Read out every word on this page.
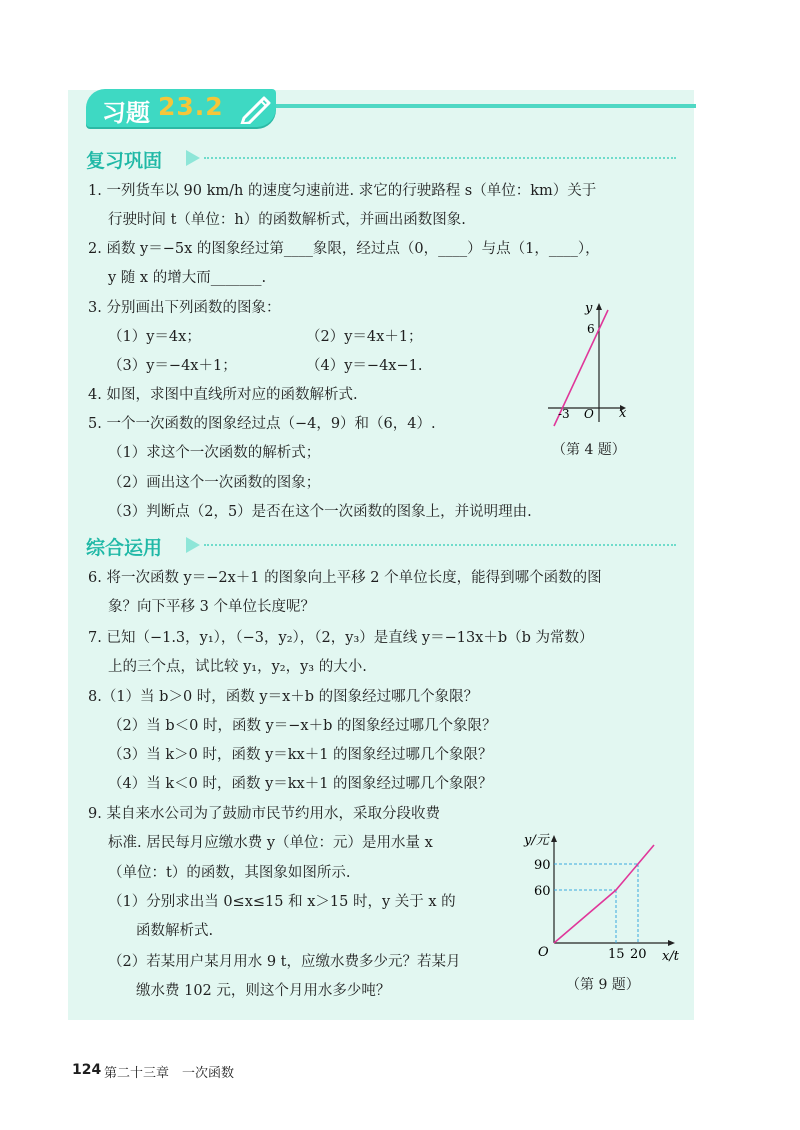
习题 23.2
复习巩固
1. 一列货车以 90 km/h 的速度匀速前进. 求它的行驶路程 s（单位：km）关于
行驶时间 t（单位：h）的函数解析式，并画出函数图象.
2. 函数 y＝−5x 的图象经过第____象限，经过点（0，____）与点（1，____），
y 随 x 的增大而_______.
3. 分别画出下列函数的图象：
（1）y＝4x；	（2）y＝4x＋1；
（3）y＝−4x＋1；	（4）y＝−4x−1.
4. 如图，求图中直线所对应的函数解析式.
5. 一个一次函数的图象经过点（−4，9）和（6，4）.
（1）求这个一次函数的解析式；
（2）画出这个一次函数的图象；
（3）判断点（2，5）是否在这个一次函数的图象上，并说明理由.
y
x
O
6
-3
（第 4 题）
综合运用
6. 将一次函数 y＝−2x＋1 的图象向上平移 2 个单位长度，能得到哪个函数的图
象？向下平移 3 个单位长度呢？
7. 已知（−1.3，y₁），（−3，y₂），（2，y₃）是直线 y＝−13x＋b（b 为常数）
上的三个点，试比较 y₁，y₂，y₃ 的大小.
8.（1）当 b＞0 时，函数 y＝x＋b 的图象经过哪几个象限？
（2）当 b＜0 时，函数 y＝−x＋b 的图象经过哪几个象限？
（3）当 k＞0 时，函数 y＝kx＋1 的图象经过哪几个象限？
（4）当 k＜0 时，函数 y＝kx＋1 的图象经过哪几个象限？
9. 某自来水公司为了鼓励市民节约用水，采取分段收费
标准. 居民每月应缴水费 y（单位：元）是用水量 x
（单位：t）的函数，其图象如图所示.
（1）分别求出当 0≤x≤15 和 x＞15 时，y 关于 x 的
函数解析式.
（2）若某用户某月用水 9 t，应缴水费多少元？若某月
缴水费 102 元，则这个月用水多少吨？
y/元
x/t
O
90
60
15 20
（第 9 题）
124 第二十三章　一次函数
